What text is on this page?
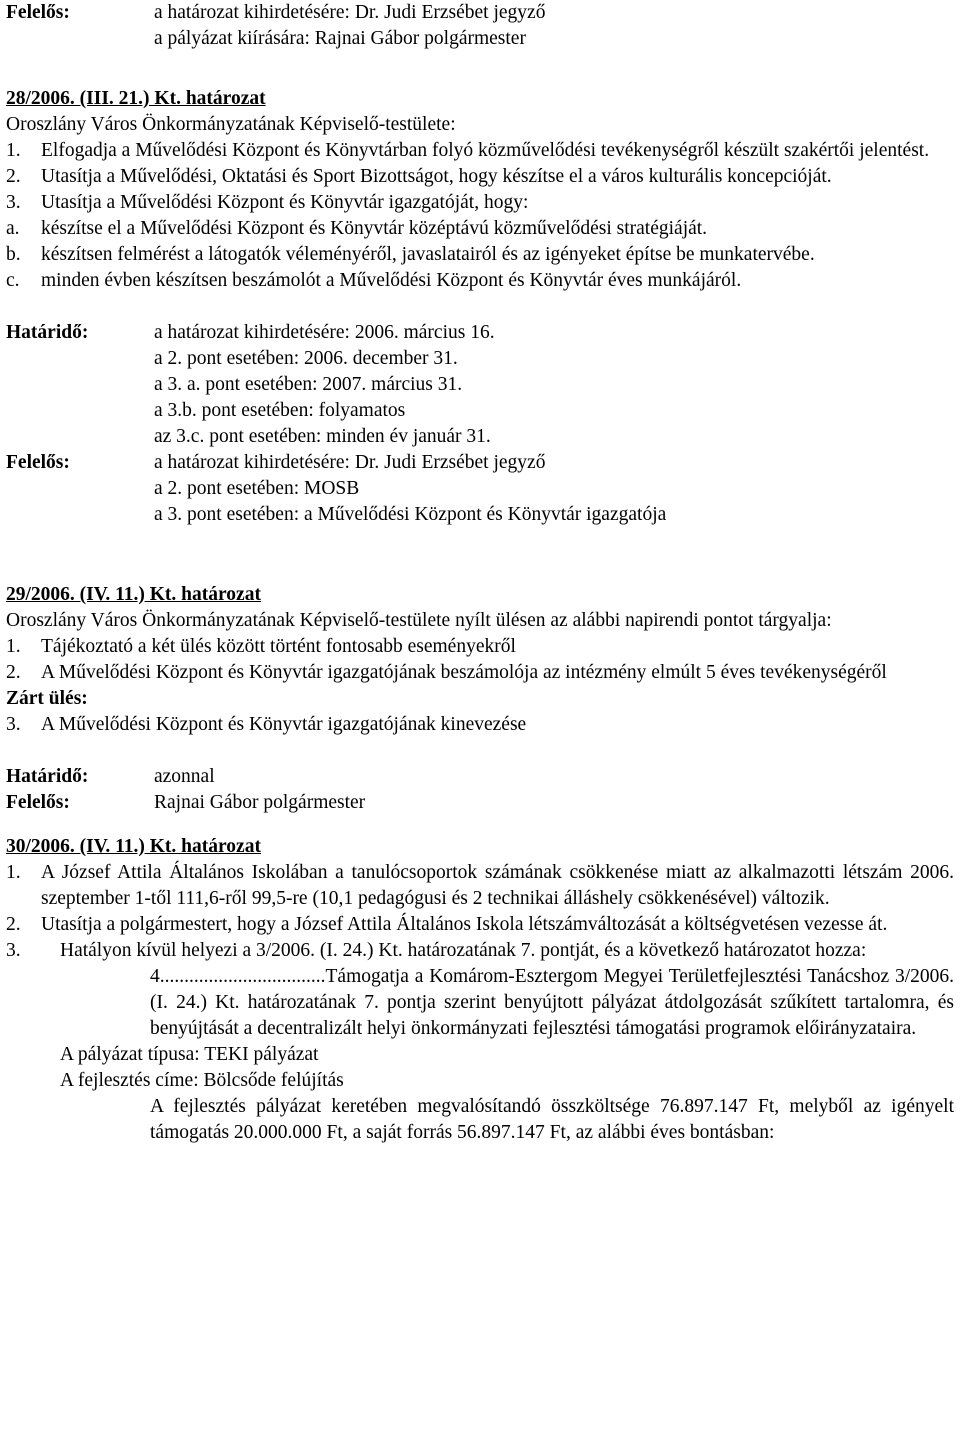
Felelős:	a határozat kihirdetésére: Dr. Judi Erzsébet jegyző
a pályázat kiírására: Rajnai Gábor polgármester
28/2006. (III. 21.) Kt. határozat
Oroszlány Város Önkormányzatának Képviselő-testülete:
1. Elfogadja a Művelődési Központ és Könyvtárban folyó közművelődési tevékenységről készült szakértői jelentést.
2. Utasítja a Művelődési, Oktatási és Sport Bizottságot, hogy készítse el a város kulturális koncepcióját.
3. Utasítja a Művelődési Központ és Könyvtár igazgatóját, hogy:
a. készítse el a Művelődési Központ és Könyvtár középtávú közművelődési stratégiáját.
b. készítsen felmérést a látogatók véleményéről, javaslatairól és az igényeket építse be munkatervébe.
c. minden évben készítsen beszámolót a Művelődési Központ és Könyvtár éves munkájáról.
Határidő:	a határozat kihirdetésére: 2006. március 16.
a 2. pont esetében: 2006. december 31.
a 3. a. pont esetében: 2007. március 31.
a 3.b. pont esetében: folyamatos
az 3.c. pont esetében: minden év január 31.
Felelős:	a határozat kihirdetésére: Dr. Judi Erzsébet jegyző
a 2. pont esetében: MOSB
a 3. pont esetében: a Művelődési Központ és Könyvtár igazgatója
29/2006. (IV. 11.) Kt. határozat
Oroszlány Város Önkormányzatának Képviselő-testülete nyílt ülésen az alábbi napirendi pontot tárgyalja:
1. Tájékoztató a két ülés között történt fontosabb eseményekről
2. A Művelődési Központ és Könyvtár igazgatójának beszámolója az intézmény elmúlt 5 éves tevékenységéről
Zárt ülés:
3. A Művelődési Központ és Könyvtár igazgatójának kinevezése
Határidő:	azonnal
Felelős:	Rajnai Gábor polgármester
30/2006. (IV. 11.) Kt. határozat
1. A József Attila Általános Iskolában a tanulócsoportok számának csökkenése miatt az alkalmazotti létszám 2006. szeptember 1-től 111,6-ről 99,5-re (10,1 pedagógusi és 2 technikai álláshely csökkenésével) változik.
2. Utasítja a polgármestert, hogy a József Attila Általános Iskola létszámváltozását a költségvetésen vezesse át.
3. Hatályon kívül helyezi a 3/2006. (I. 24.) Kt. határozatának 7. pontját, és a következő határozatot hozza:
4..................................Támogatja a Komárom-Esztergom Megyei Területfejlesztési Tanácshoz 3/2006. (I. 24.) Kt. határozatának 7. pontja szerint benyújtott pályázat átdolgozását szűkített tartalomra, és benyújtását a decentralizált helyi önkormányzati fejlesztési támogatási programok előirányzataira.
A pályázat típusa: TEKI pályázat
A fejlesztés címe: Bölcsőde felújítás
A fejlesztés pályázat keretében megvalósítandó összköltsége 76.897.147 Ft, melyből az igényelt támogatás 20.000.000 Ft, a saját forrás 56.897.147 Ft, az alábbi éves bontásban:
